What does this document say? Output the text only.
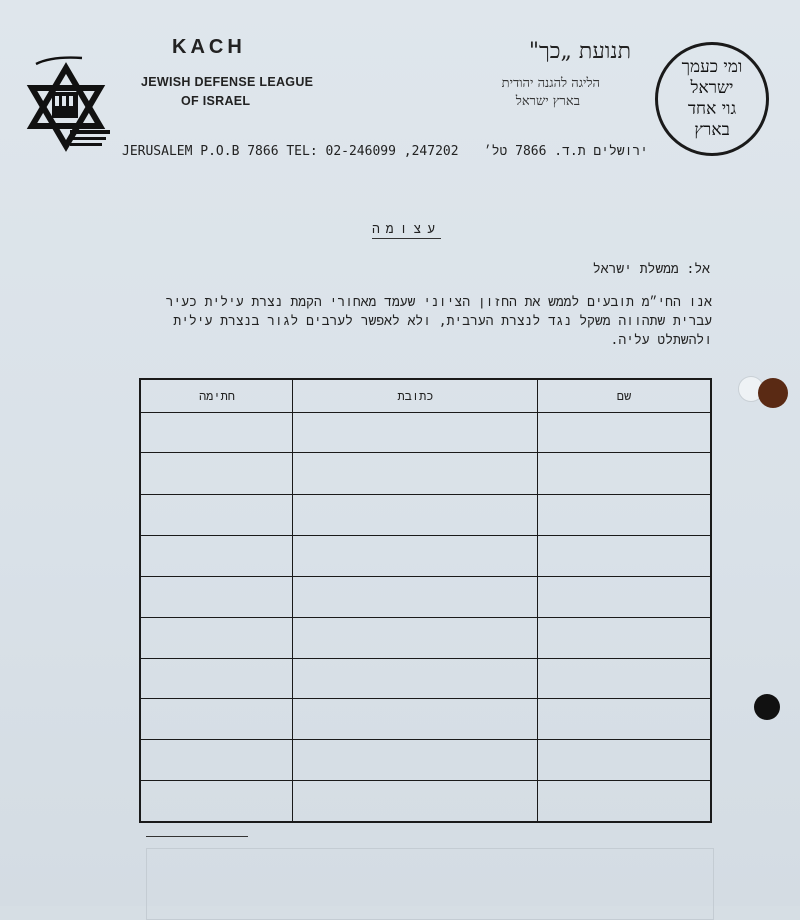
KACH
JEWISH DEFENSE LEAGUE
OF ISRAEL
תנועת „כך"
הליגה להגנה יהודית
בארץ ישראל
ומי כעמך
ישראל
גוי אחד
בארץ
JERUSALEM P.O.B 7866 TEL: 02-246099 ,247202	ירושלים ת.ד. 7866 טל׳
עצומה
אל: ממשלת ישראל
אנו החי״מ תובעים לממש את החזון הציוני שעמד מאחורי הקמת נצרת עילית כעיר
עברית שתהווה משקל נגד לנצרת הערבית, ולא לאפשר לערבים לגור בנצרת עילית
ולהשתלט עליה.
חתימה	כתובת	שם
